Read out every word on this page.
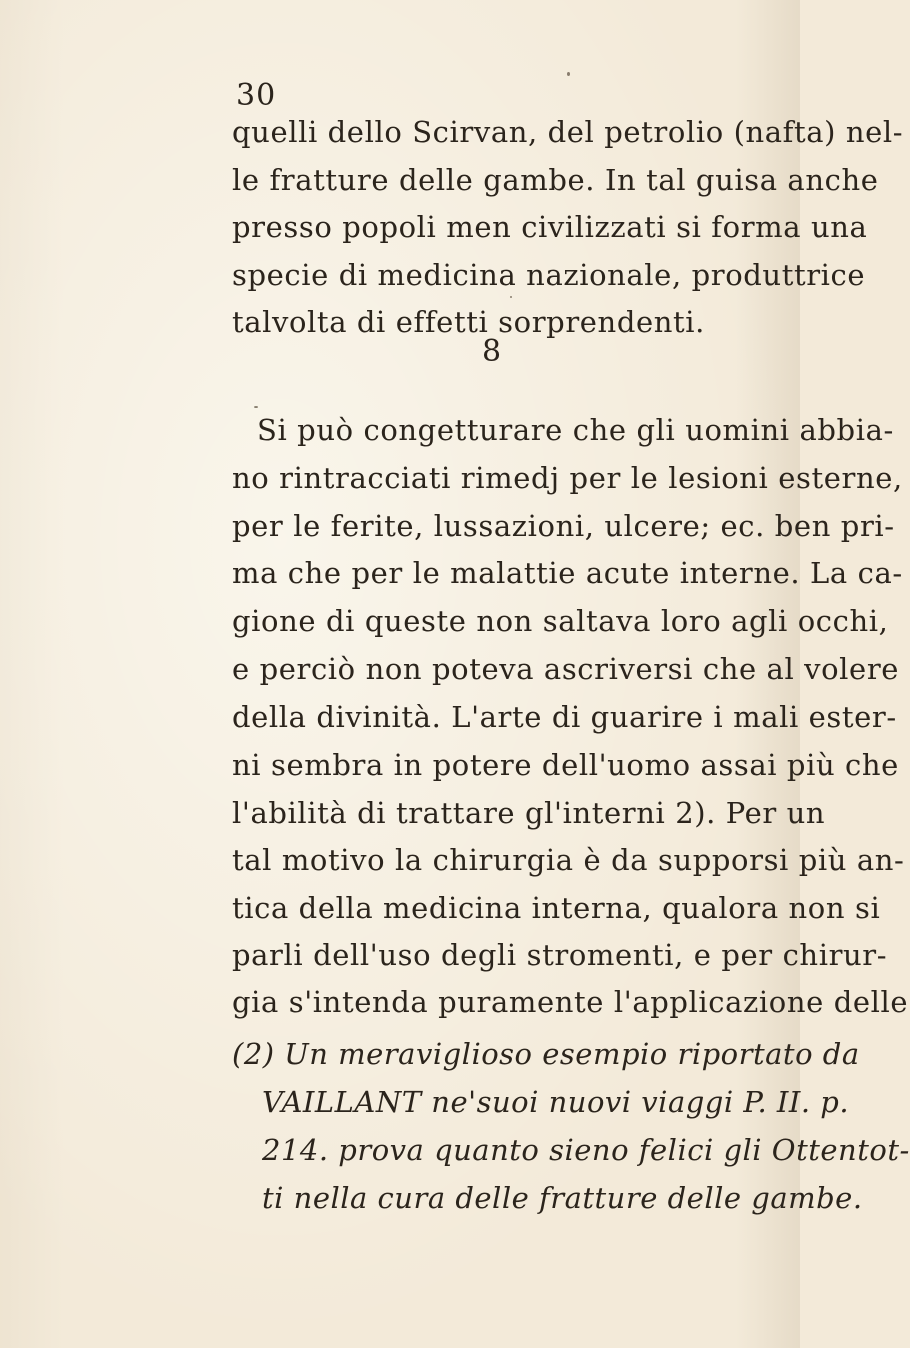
30
quelli dello Scirvan, del petrolio (nafta) nel-
le fratture delle gambe. In tal guisa anche
presso popoli men civilizzati si forma una
specie di medicina nazionale, produttrice
talvolta di effetti sorprendenti.
8
Si può congetturare che gli uomini abbia-
no rintracciati rimedj per le lesioni esterne,
per le ferite, lussazioni, ulcere; ec. ben pri-
ma che per le malattie acute interne. La ca-
gione di queste non saltava loro agli occhi,
e perciò non poteva ascriversi che al volere
della divinità. L'arte di guarire i mali ester-
ni sembra in potere dell'uomo assai più che
l'abilità di trattare gl'interni 2). Per un
tal motivo la chirurgia è da supporsi più an-
tica della medicina interna, qualora non si
parli dell'uso degli stromenti, e per chirur-
gia s'intenda puramente l'applicazione delle
(2) Un meraviglioso esempio riportato da
VAILLANT ne'suoi nuovi viaggi P. II. p.
214. prova quanto sieno felici gli Ottentot-
ti nella cura delle fratture delle gambe.
